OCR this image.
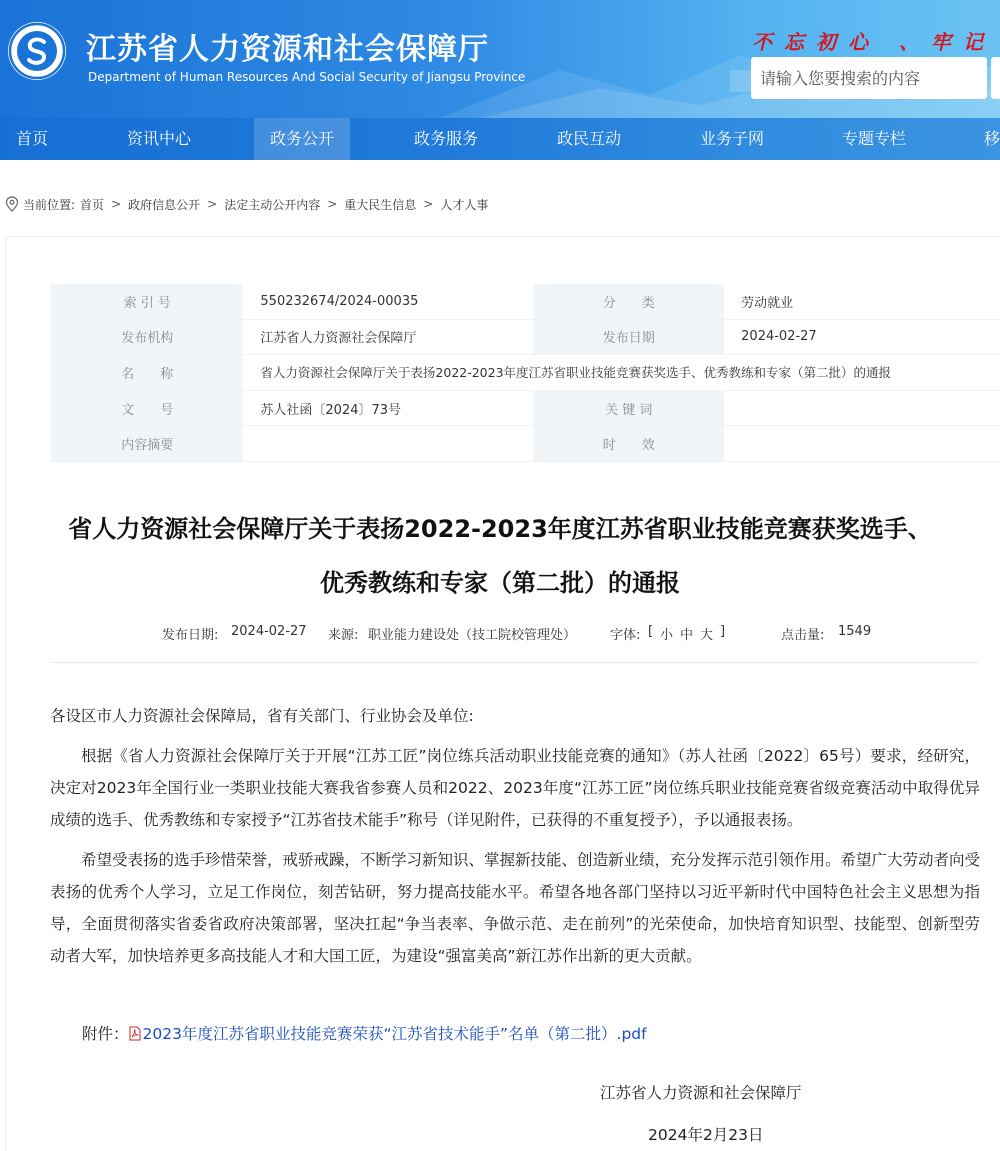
江苏省人力资源和社会保障厅
Department of Human Resources And Social Security of Jiangsu Province
不忘初心 、牢记
请输入您要搜索的内容
首页	资讯中心	政务公开	政务服务	政民互动	业务子网	专题专栏	移
当前位置: 首页 > 政府信息公开 > 法定主动公开内容 > 重大民生信息 > 人才人事
索 引 号	550232674/2024-00035	分　　类	劳动就业
发布机构	江苏省人力资源社会保障厅	发布日期	2024-02-27
名　　称	省人力资源社会保障厅关于表扬2022-2023年度江苏省职业技能竞赛获奖选手、优秀教练和专家（第二批）的通报		
文　　号	苏人社函〔2024〕73号	关 键 词	
内容摘要		时　　效	
省人力资源社会保障厅关于表扬2022-2023年度江苏省职业技能竞赛获奖选手、
优秀教练和专家（第二批）的通报
发布日期: 2024-02-27 来源: 职业能力建设处（技工院校管理处）	字体: [ 小 中 大 ]	点击量: 1549

各设区市人力资源社会保障局，省有关部门、行业协会及单位:

根据《省人力资源社会保障厅关于开展“江苏工匠”岗位练兵活动职业技能竞赛的通知》（苏人社函〔2022〕65号）要求，经研究，决定对2023年全国行业一类职业技能大赛我省参赛人员和2022、2023年度“江苏工匠”岗位练兵职业技能竞赛省级竞赛活动中取得优异成绩的选手、优秀教练和专家授予“江苏省技术能手”称号（详见附件，已获得的不重复授予），予以通报表扬。

希望受表扬的选手珍惜荣誉，戒骄戒躁，不断学习新知识、掌握新技能、创造新业绩，充分发挥示范引领作用。希望广大劳动者向受表扬的优秀个人学习，立足工作岗位，刻苦钻研，努力提高技能水平。希望各地各部门坚持以习近平新时代中国特色社会主义思想为指导，全面贯彻落实省委省政府决策部署，坚决扛起“争当表率、争做示范、走在前列”的光荣使命，加快培育知识型、技能型、创新型劳动者大军，加快培养更多高技能人才和大国工匠，为建设“强富美高”新江苏作出新的更大贡献。

附件： 2023年度江苏省职业技能竞赛荣获“江苏省技术能手”名单（第二批）.pdf
江苏省人力资源和社会保障厅
2024年2月23日
